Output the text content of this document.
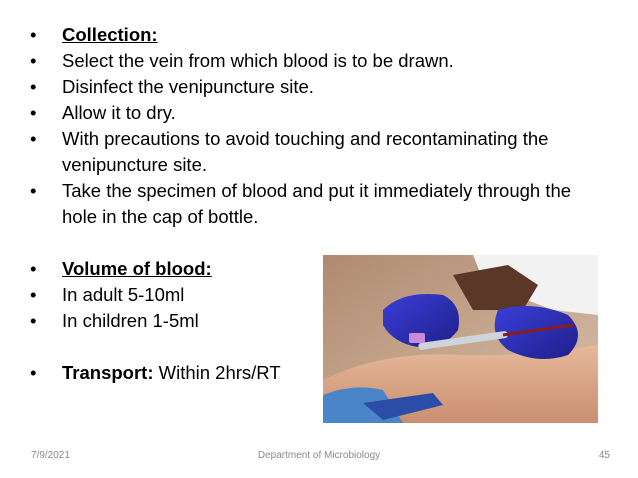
• Collection:
• Select the vein from which blood is to be drawn.
• Disinfect the venipuncture site.
• Allow it to dry.
• With precautions to avoid touching and recontaminating the venipuncture site.
• Take the specimen of blood and put it immediately through the hole in the cap of bottle.
• Volume of blood:
• In adult 5-10ml
• In children 1-5ml
• Transport: Within 2hrs/RT
7/9/2021	Department of Microbiology	45
